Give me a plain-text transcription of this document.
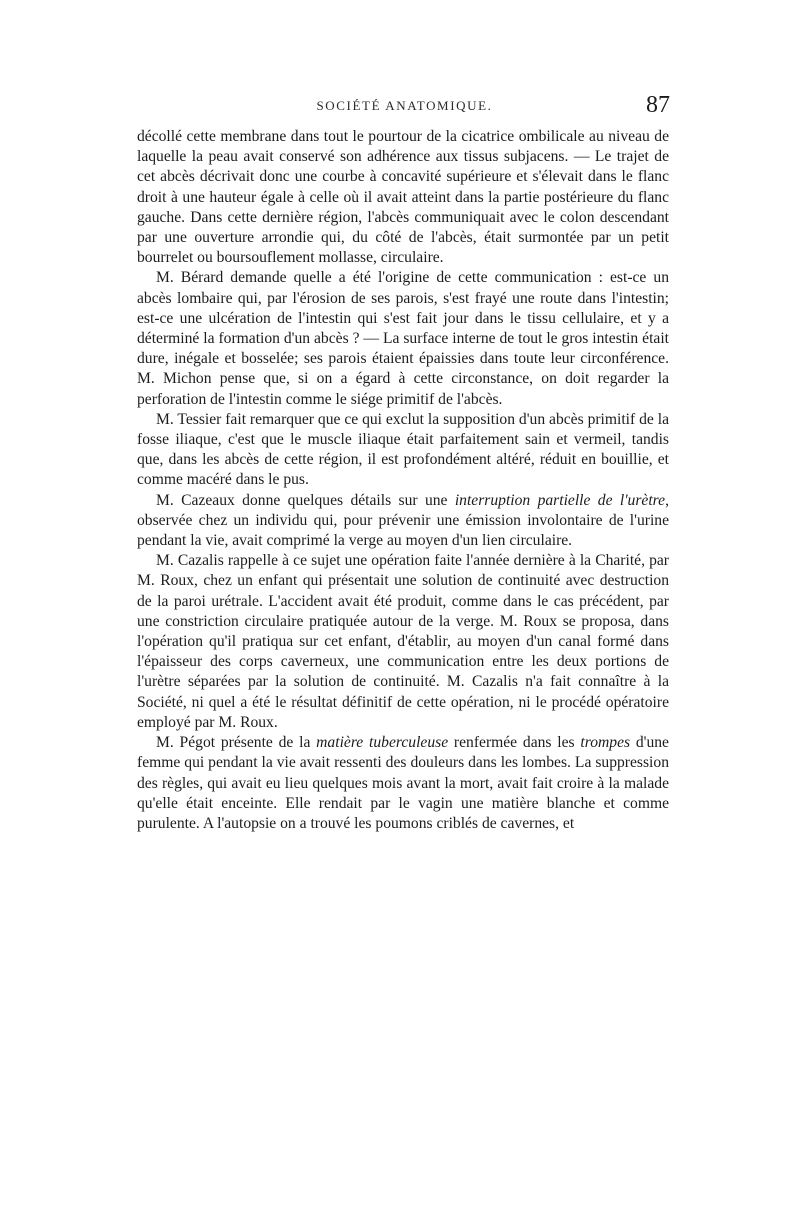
SOCIÉTÉ ANATOMIQUE.	87

décollé cette membrane dans tout le pourtour de la cicatrice ombilicale au niveau de laquelle la peau avait conservé son adhérence aux tissus subjacens. — Le trajet de cet abcès décrivait donc une courbe à concavité supérieure et s'élevait dans le flanc droit à une hauteur égale à celle où il avait atteint dans la partie postérieure du flanc gauche. Dans cette dernière région, l'abcès communiquait avec le colon descendant par une ouverture arrondie qui, du côté de l'abcès, était surmontée par un petit bourrelet ou boursouflement mollasse, circulaire.

M. Bérard demande quelle a été l'origine de cette communication : est-ce un abcès lombaire qui, par l'érosion de ses parois, s'est frayé une route dans l'intestin; est-ce une ulcération de l'intestin qui s'est fait jour dans le tissu cellulaire, et y a déterminé la formation d'un abcès ? — La surface interne de tout le gros intestin était dure, inégale et bosselée; ses parois étaient épaissies dans toute leur circonférence. M. Michon pense que, si on a égard à cette circonstance, on doit regarder la perforation de l'intestin comme le siége primitif de l'abcès.

M. Tessier fait remarquer que ce qui exclut la supposition d'un abcès primitif de la fosse iliaque, c'est que le muscle iliaque était parfaitement sain et vermeil, tandis que, dans les abcès de cette région, il est profondément altéré, réduit en bouillie, et comme macéré dans le pus.

M. Cazeaux donne quelques détails sur une interruption partielle de l'urètre, observée chez un individu qui, pour prévenir une émission involontaire de l'urine pendant la vie, avait comprimé la verge au moyen d'un lien circulaire.

M. Cazalis rappelle à ce sujet une opération faite l'année dernière à la Charité, par M. Roux, chez un enfant qui présentait une solution de continuité avec destruction de la paroi urétrale. L'accident avait été produit, comme dans le cas précédent, par une constriction circulaire pratiquée autour de la verge. M. Roux se proposa, dans l'opération qu'il pratiqua sur cet enfant, d'établir, au moyen d'un canal formé dans l'épaisseur des corps caverneux, une communication entre les deux portions de l'urètre séparées par la solution de continuité. M. Cazalis n'a fait connaître à la Société, ni quel a été le résultat définitif de cette opération, ni le procédé opératoire employé par M. Roux.

M. Pégot présente de la matière tuberculeuse renfermée dans les trompes d'une femme qui pendant la vie avait ressenti des douleurs dans les lombes. La suppression des règles, qui avait eu lieu quelques mois avant la mort, avait fait croire à la malade qu'elle était enceinte. Elle rendait par le vagin une matière blanche et comme purulente. A l'autopsie on a trouvé les poumons criblés de cavernes, et
